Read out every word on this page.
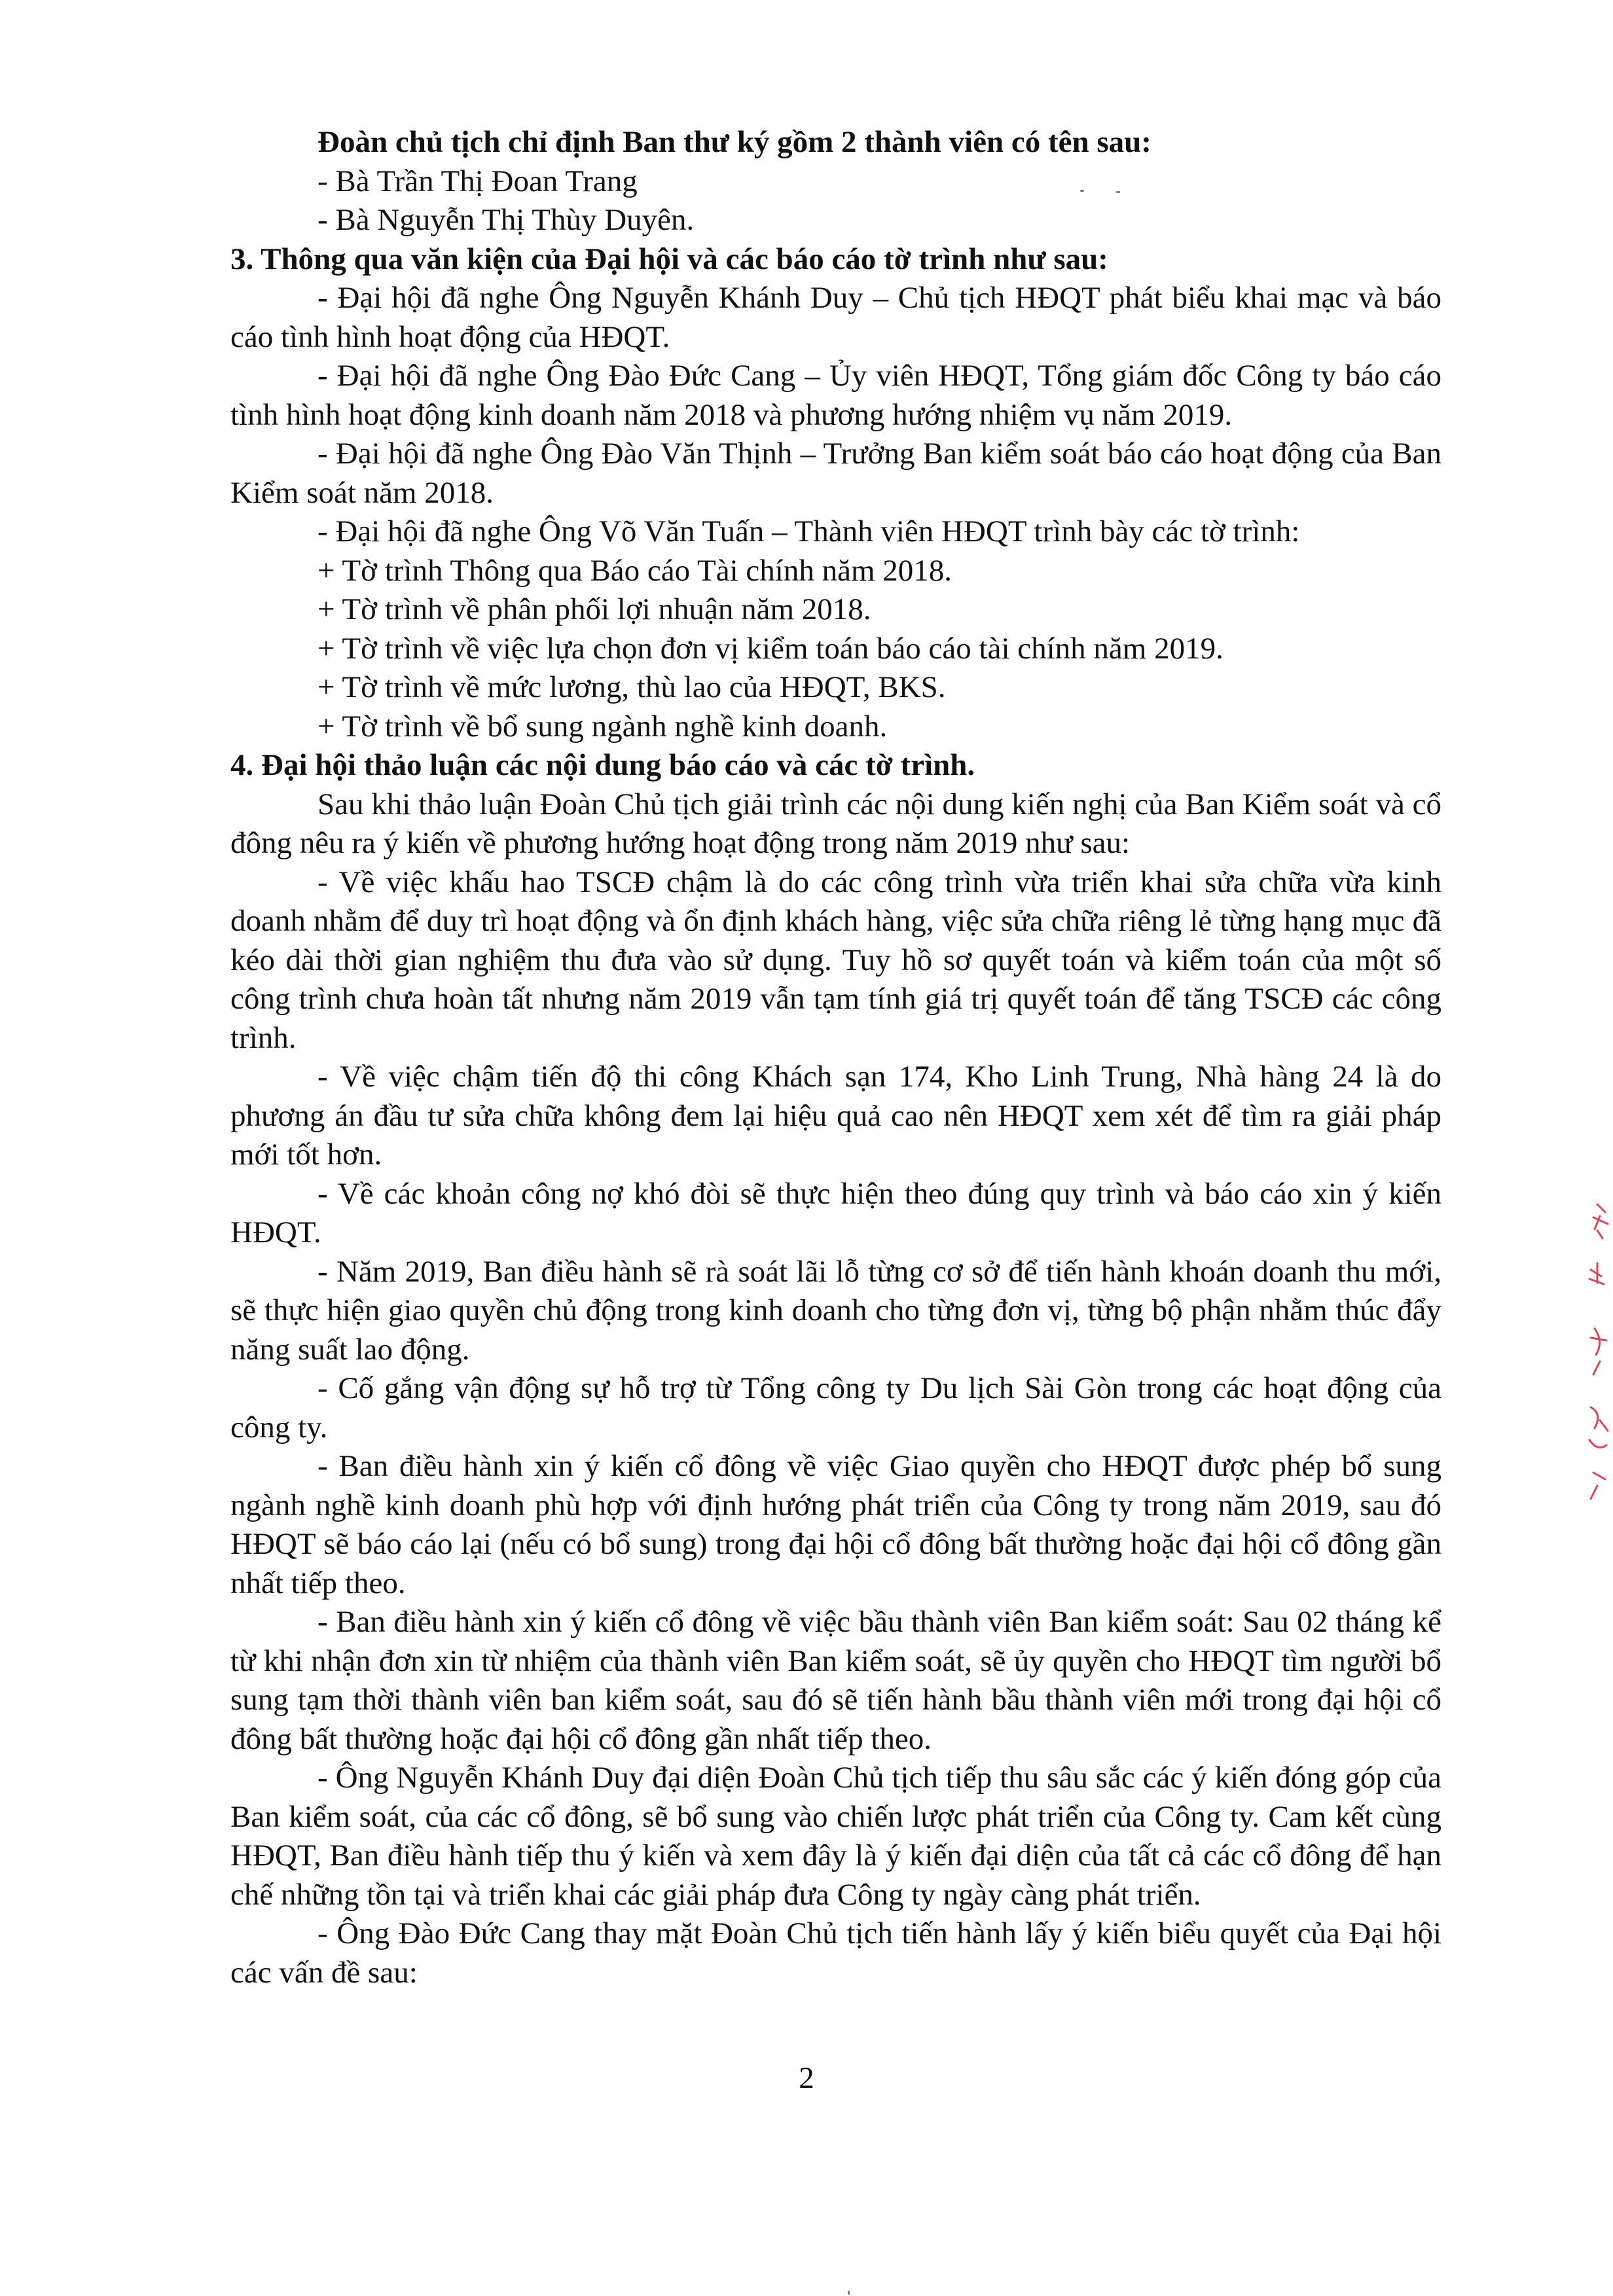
Đoàn chủ tịch chỉ định Ban thư ký gồm 2 thành viên có tên sau:
- Bà Trần Thị Đoan Trang
- Bà Nguyễn Thị Thùy Duyên.
3. Thông qua văn kiện của Đại hội và các báo cáo tờ trình như sau:
- Đại hội đã nghe Ông Nguyễn Khánh Duy – Chủ tịch HĐQT phát biểu khai mạc và báo cáo tình hình hoạt động của HĐQT.
- Đại hội đã nghe Ông Đào Đức Cang – Ủy viên HĐQT, Tổng giám đốc Công ty báo cáo tình hình hoạt động kinh doanh năm 2018 và phương hướng nhiệm vụ năm 2019.
- Đại hội đã nghe Ông Đào Văn Thịnh – Trưởng Ban kiểm soát báo cáo hoạt động của Ban Kiểm soát năm 2018.
- Đại hội đã nghe Ông Võ Văn Tuấn – Thành viên HĐQT trình bày các tờ trình:
+ Tờ trình Thông qua Báo cáo Tài chính năm 2018.
+ Tờ trình về phân phối lợi nhuận năm 2018.
+ Tờ trình về việc lựa chọn đơn vị kiểm toán báo cáo tài chính năm 2019.
+ Tờ trình về mức lương, thù lao của HĐQT, BKS.
+ Tờ trình về bổ sung ngành nghề kinh doanh.
4. Đại hội thảo luận các nội dung báo cáo và các tờ trình.
Sau khi thảo luận Đoàn Chủ tịch giải trình các nội dung kiến nghị của Ban Kiểm soát và cổ đông nêu ra ý kiến về phương hướng hoạt động trong năm 2019 như sau:
- Về việc khấu hao TSCĐ chậm là do các công trình vừa triển khai sửa chữa vừa kinh doanh nhằm để duy trì hoạt động và ổn định khách hàng, việc sửa chữa riêng lẻ từng hạng mục đã kéo dài thời gian nghiệm thu đưa vào sử dụng. Tuy hồ sơ quyết toán và kiểm toán của một số công trình chưa hoàn tất nhưng năm 2019 vẫn tạm tính giá trị quyết toán để tăng TSCĐ các công trình.
- Về việc chậm tiến độ thi công Khách sạn 174, Kho Linh Trung, Nhà hàng 24 là do phương án đầu tư sửa chữa không đem lại hiệu quả cao nên HĐQT xem xét để tìm ra giải pháp mới tốt hơn.
- Về các khoản công nợ khó đòi sẽ thực hiện theo đúng quy trình và báo cáo xin ý kiến HĐQT.
- Năm 2019, Ban điều hành sẽ rà soát lãi lỗ từng cơ sở để tiến hành khoán doanh thu mới, sẽ thực hiện giao quyền chủ động trong kinh doanh cho từng đơn vị, từng bộ phận nhằm thúc đẩy năng suất lao động.
- Cố gắng vận động sự hỗ trợ từ Tổng công ty Du lịch Sài Gòn trong các hoạt động của công ty.
- Ban điều hành xin ý kiến cổ đông về việc Giao quyền cho HĐQT được phép bổ sung ngành nghề kinh doanh phù hợp với định hướng phát triển của Công ty trong năm 2019, sau đó HĐQT sẽ báo cáo lại (nếu có bổ sung) trong đại hội cổ đông bất thường hoặc đại hội cổ đông gần nhất tiếp theo.
- Ban điều hành xin ý kiến cổ đông về việc bầu thành viên Ban kiểm soát: Sau 02 tháng kể từ khi nhận đơn xin từ nhiệm của thành viên Ban kiểm soát, sẽ ủy quyền cho HĐQT tìm người bổ sung tạm thời thành viên ban kiểm soát, sau đó sẽ tiến hành bầu thành viên mới trong đại hội cổ đông bất thường hoặc đại hội cổ đông gần nhất tiếp theo.
- Ông Nguyễn Khánh Duy đại diện Đoàn Chủ tịch tiếp thu sâu sắc các ý kiến đóng góp của Ban kiểm soát, của các cổ đông, sẽ bổ sung vào chiến lược phát triển của Công ty. Cam kết cùng HĐQT, Ban điều hành tiếp thu ý kiến và xem đây là ý kiến đại diện của tất cả các cổ đông để hạn chế những tồn tại và triển khai các giải pháp đưa Công ty ngày càng phát triển.
- Ông Đào Đức Cang thay mặt Đoàn Chủ tịch tiến hành lấy ý kiến biểu quyết của Đại hội các vấn đề sau:
2
